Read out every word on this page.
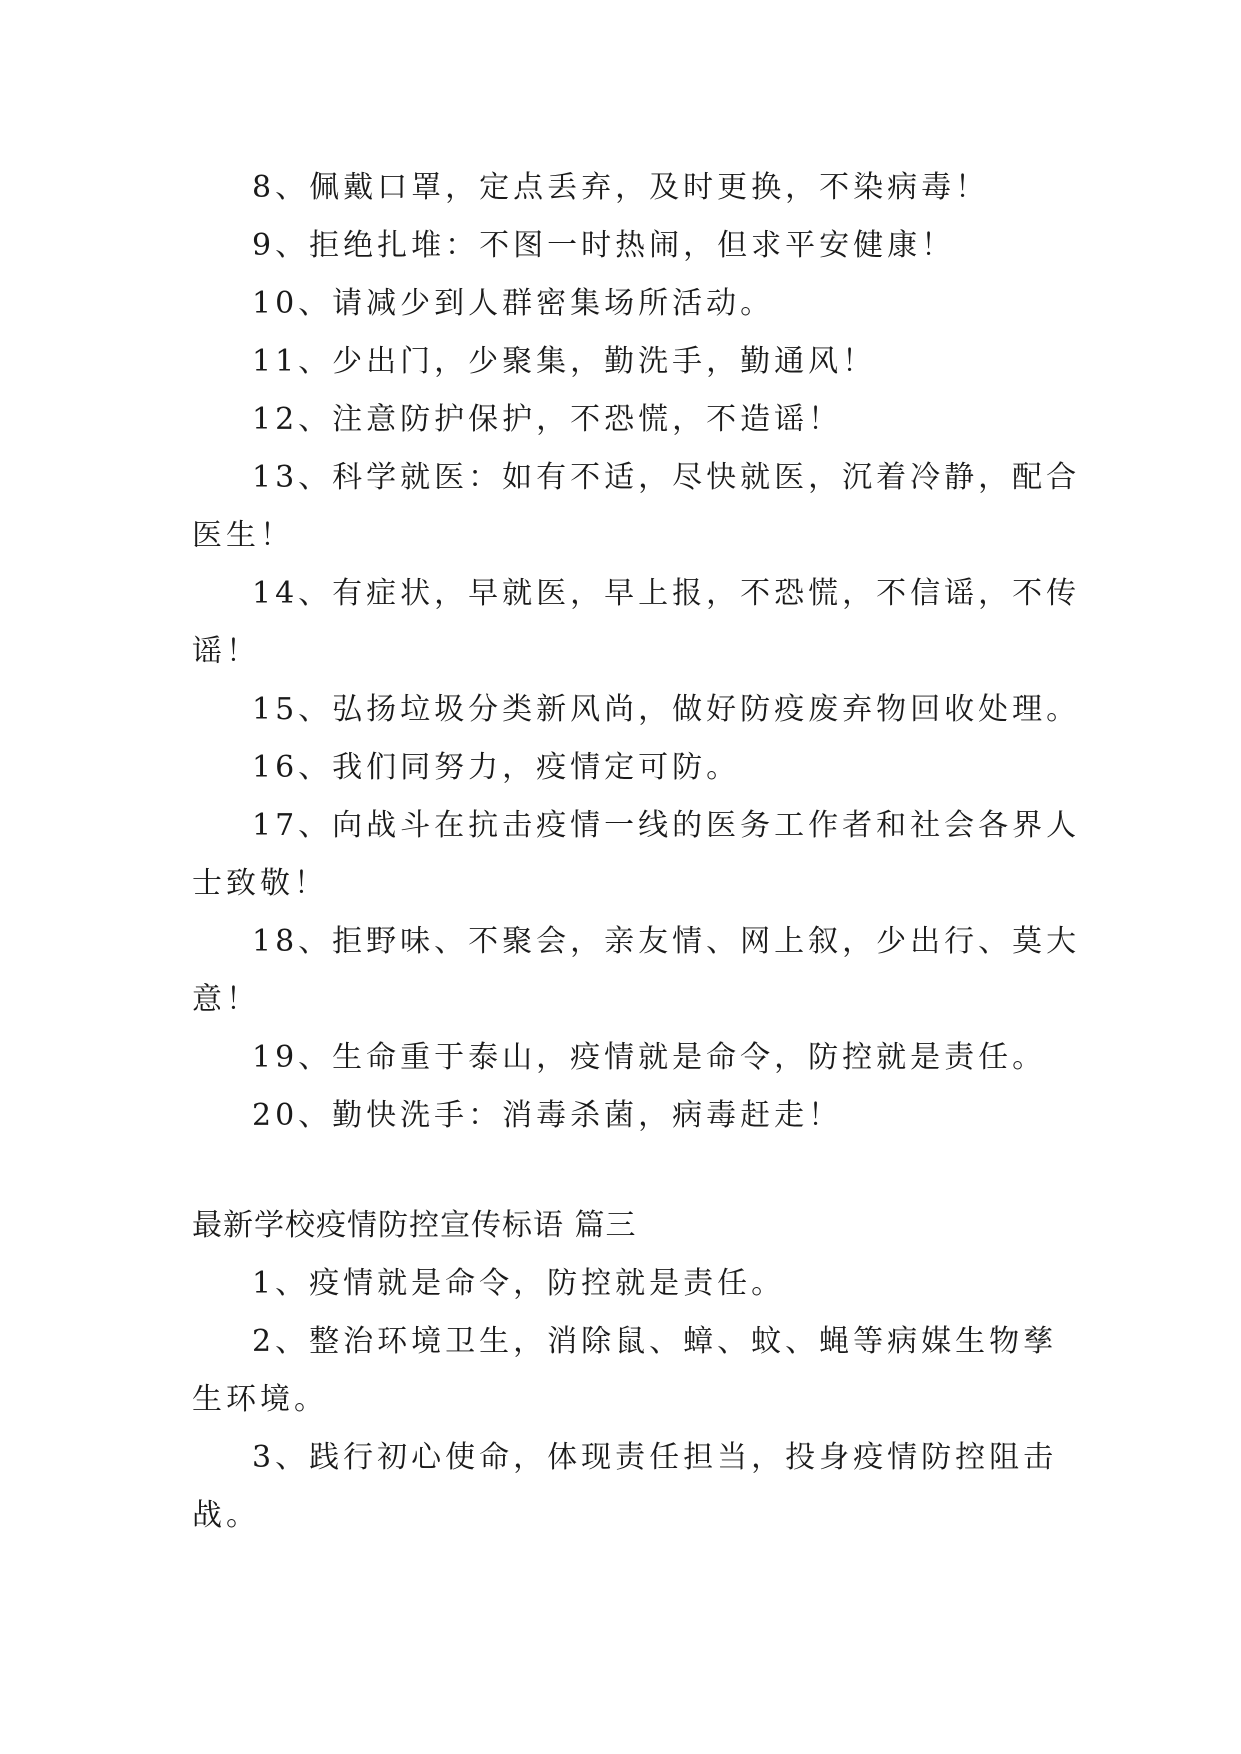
8、佩戴口罩，定点丢弃，及时更换，不染病毒！
9、拒绝扎堆：不图一时热闹，但求平安健康！
10、请减少到人群密集场所活动。
11、少出门，少聚集，勤洗手，勤通风！
12、注意防护保护，不恐慌，不造谣！
13、科学就医：如有不适，尽快就医，沉着冷静，配合
医生！
14、有症状，早就医，早上报，不恐慌，不信谣，不传
谣！
15、弘扬垃圾分类新风尚，做好防疫废弃物回收处理。
16、我们同努力，疫情定可防。
17、向战斗在抗击疫情一线的医务工作者和社会各界人
士致敬！
18、拒野味、不聚会，亲友情、网上叙，少出行、莫大
意！
19、生命重于泰山，疫情就是命令，防控就是责任。
20、勤快洗手：消毒杀菌，病毒赶走！
最新学校疫情防控宣传标语 篇三
1、疫情就是命令，防控就是责任。
2、整治环境卫生，消除鼠、蟑、蚊、蝇等病媒生物孳
生环境。
3、践行初心使命，体现责任担当，投身疫情防控阻击
战。
